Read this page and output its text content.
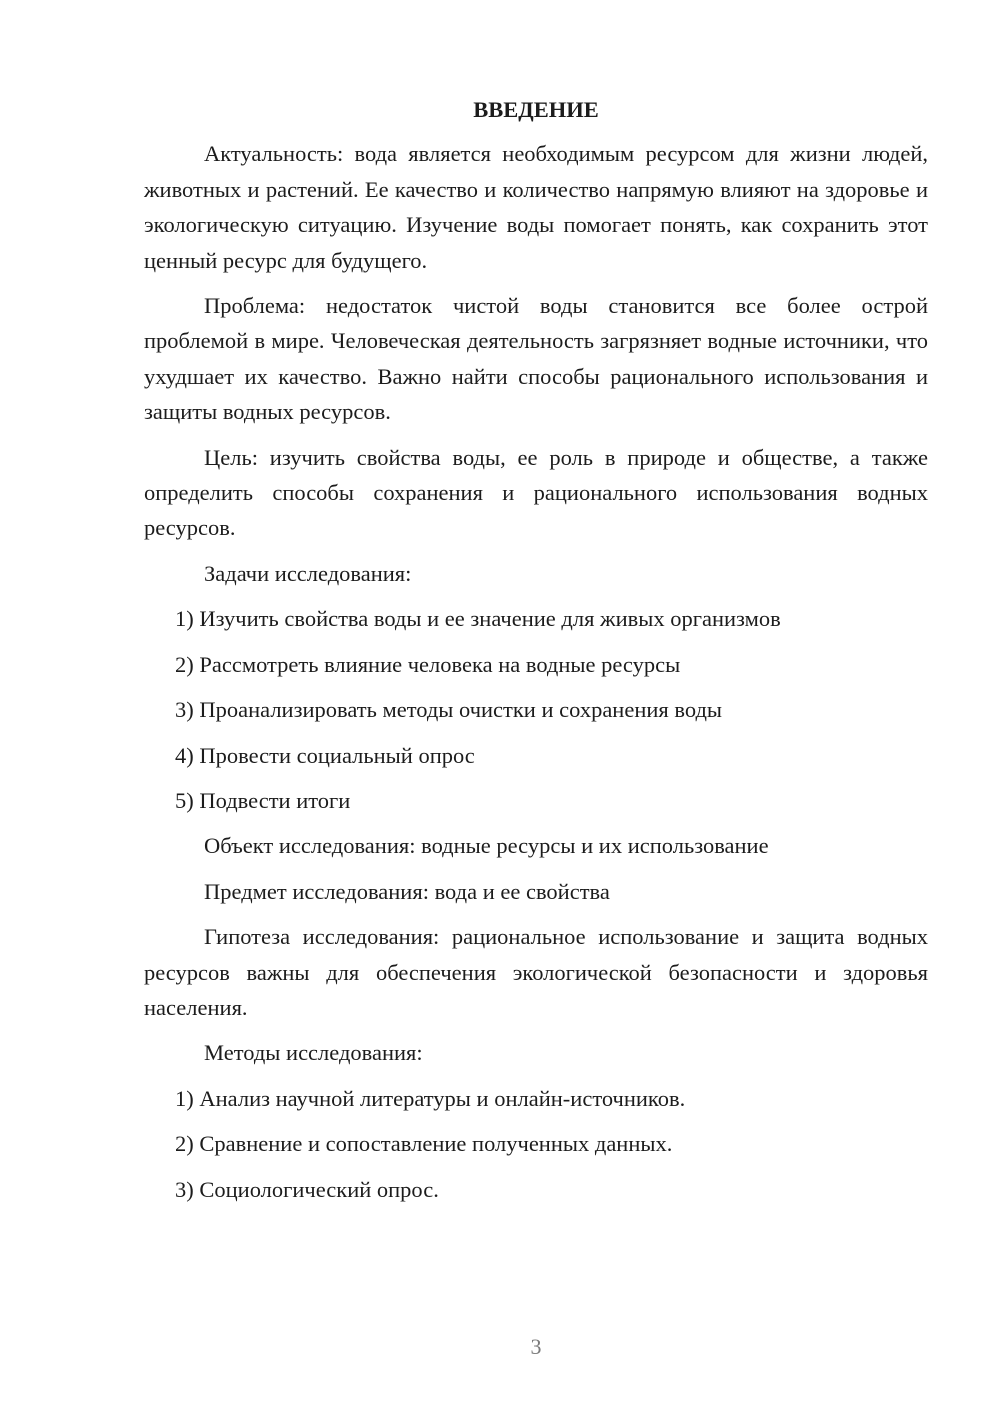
ВВЕДЕНИЕ

Актуальность: вода является необходимым ресурсом для жизни людей, животных и растений. Ее качество и количество напрямую влияют на здоровье и экологическую ситуацию. Изучение воды помогает понять, как сохранить этот ценный ресурс для будущего.

Проблема: недостаток чистой воды становится все более острой проблемой в мире. Человеческая деятельность загрязняет водные источники, что ухудшает их качество. Важно найти способы рационального использования и защиты водных ресурсов.

Цель: изучить свойства воды, ее роль в природе и обществе, а также определить способы сохранения и рационального использования водных ресурсов.

Задачи исследования:
1) Изучить свойства воды и ее значение для живых организмов
2) Рассмотреть влияние человека на водные ресурсы
3) Проанализировать методы очистки и сохранения воды
4) Провести социальный опрос
5) Подвести итоги
Объект исследования: водные ресурсы и их использование
Предмет исследования: вода и ее свойства

Гипотеза исследования: рациональное использование и защита водных ресурсов важны для обеспечения экологической безопасности и здоровья населения.

Методы исследования:
1) Анализ научной литературы и онлайн-источников.
2) Сравнение и сопоставление полученных данных.
3) Социологический опрос.
3
